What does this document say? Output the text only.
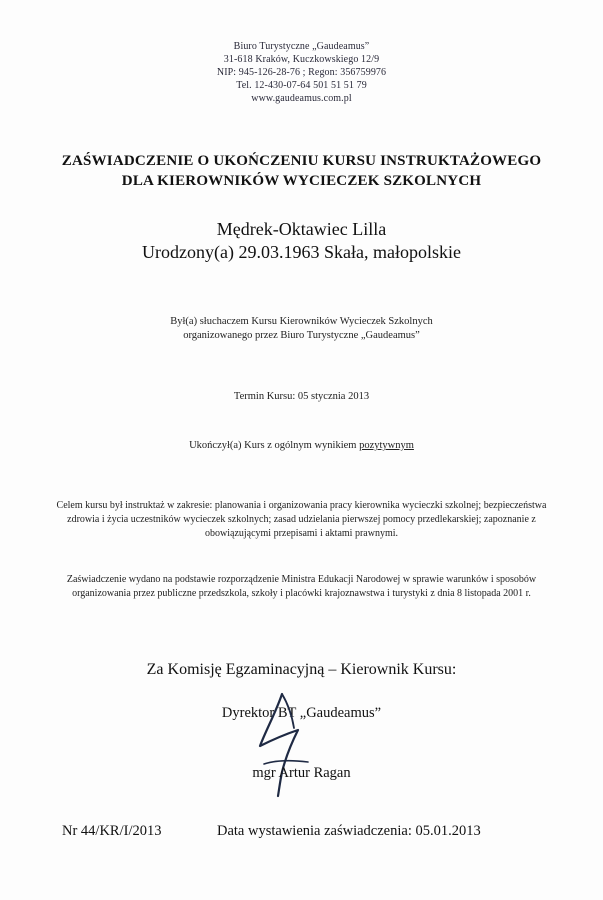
Biuro Turystyczne „Gaudeamus”
31-618 Kraków, Kuczkowskiego 12/9
NIP: 945-126-28-76 ; Regon: 356759976
Tel. 12-430-07-64 501 51 51 79
www.gaudeamus.com.pl
ZAŚWIADCZENIE O UKOŃCZENIU KURSU INSTRUKTAŻOWEGO
DLA KIEROWNIKÓW WYCIECZEK SZKOLNYCH
Mędrek-Oktawiec Lilla
Urodzony(a) 29.03.1963 Skała, małopolskie
Był(a) słuchaczem Kursu Kierowników Wycieczek Szkolnych
organizowanego przez Biuro Turystyczne „Gaudeamus”
Termin Kursu: 05 stycznia 2013
Ukończył(a) Kurs z ogólnym wynikiem pozytywnym
Celem kursu był instruktaż w zakresie: planowania i organizowania pracy kierownika wycieczki szkolnej; bezpieczeństwa
zdrowia i życia uczestników wycieczek szkolnych; zasad udzielania pierwszej pomocy przedlekarskiej; zapoznanie z
obowiązującymi przepisami i aktami prawnymi.
Zaświadczenie wydano na podstawie rozporządzenie Ministra Edukacji Narodowej w sprawie warunków i sposobów
organizowania przez publiczne przedszkola, szkoły i placówki krajoznawstwa i turystyki z dnia 8 listopada 2001 r.
Za Komisję Egzaminacyjną – Kierownik Kursu:
Dyrektor BT „Gaudeamus”
mgr Artur Ragan
Nr 44/KR/I/2013	Data wystawienia zaświadczenia: 05.01.2013
